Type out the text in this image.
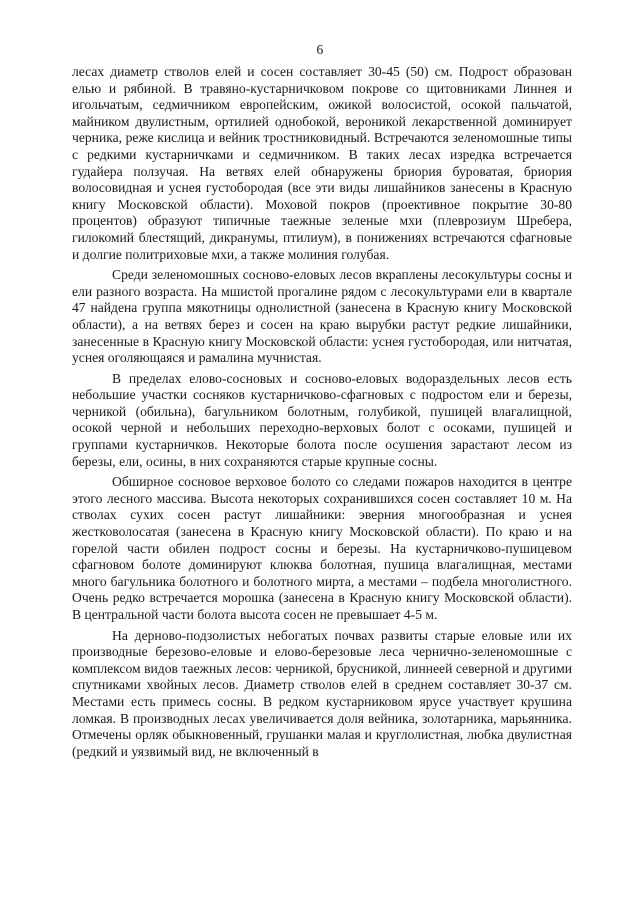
6

лесах диаметр стволов елей и сосен составляет 30-45 (50) см. Подрост образован елью и рябиной. В травяно-кустарничковом покрове со щитовниками Линнея и игольчатым, седмичником европейским, ожикой волосистой, осокой пальчатой, майником двулистным, ортилией однобокой, вероникой лекарственной доминирует черника, реже кислица и вейник тростниковидный. Встречаются зеленомошные типы с редкими кустарничками и седмичником. В таких лесах изредка встречается гудайера ползучая. На ветвях елей обнаружены бриория буроватая, бриория волосовидная и уснея густобородая (все эти виды лишайников занесены в Красную книгу Московской области). Моховой покров (проективное покрытие 30-80 процентов) образуют типичные таежные зеленые мхи (плеврозиум Шребера, гилокомий блестящий, дикранумы, птилиум), в понижениях встречаются сфагновые и долгие политриховые мхи, а также молиния голубая.

Среди зеленомошных сосново-еловых лесов вкраплены лесокультуры сосны и ели разного возраста. На мшистой прогалине рядом с лесокультурами ели в квартале 47 найдена группа мякотницы однолистной (занесена в Красную книгу Московской области), а на ветвях берез и сосен на краю вырубки растут редкие лишайники, занесенные в Красную книгу Московской области: уснея густобородая, или нитчатая, уснея оголяющаяся и рамалина мучнистая.

В пределах елово-сосновых и сосново-еловых водораздельных лесов есть небольшие участки сосняков кустарничково-сфагновых с подростом ели и березы, черникой (обильна), багульником болотным, голубикой, пушицей влагалищной, осокой черной и небольших переходно-верховых болот с осоками, пушицей и группами кустарничков. Некоторые болота после осушения зарастают лесом из березы, ели, осины, в них сохраняются старые крупные сосны.

Обширное сосновое верховое болото со следами пожаров находится в центре этого лесного массива. Высота некоторых сохранившихся сосен составляет 10 м. На стволах сухих сосен растут лишайники: эверния многообразная и уснея жестковолосатая (занесена в Красную книгу Московской области). По краю и на горелой части обилен подрост сосны и березы. На кустарничково-пушицевом сфагновом болоте доминируют клюква болотная, пушица влагалищная, местами много багульника болотного и болотного мирта, а местами – подбела многолистного. Очень редко встречается морошка (занесена в Красную книгу Московской области). В центральной части болота высота сосен не превышает 4-5 м.

На дерново-подзолистых небогатых почвах развиты старые еловые или их производные березово-еловые и елово-березовые леса чернично-зеленомошные с комплексом видов таежных лесов: черникой, брусникой, линнеей северной и другими спутниками хвойных лесов. Диаметр стволов елей в среднем составляет 30-37 см. Местами есть примесь сосны. В редком кустарниковом ярусе участвует крушина ломкая. В производных лесах увеличивается доля вейника, золотарника, марьянника. Отмечены орляк обыкновенный, грушанки малая и круглолистная, любка двулистная (редкий и уязвимый вид, не включенный в
